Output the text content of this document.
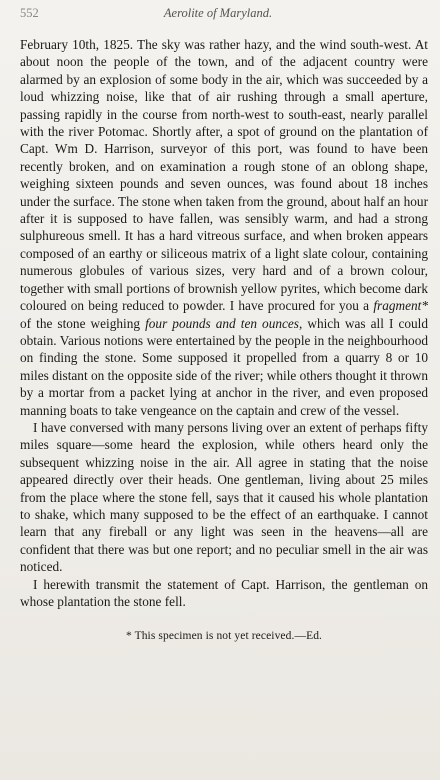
552	Aerolite of Maryland.

February 10th, 1825. The sky was rather hazy, and the wind south-west. At about noon the people of the town, and of the adjacent country were alarmed by an explosion of some body in the air, which was succeeded by a loud whizzing noise, like that of air rushing through a small aperture, passing rapidly in the course from north-west to south-east, nearly parallel with the river Potomac. Shortly after, a spot of ground on the plantation of Capt. Wm D. Harrison, surveyor of this port, was found to have been recently broken, and on examination a rough stone of an oblong shape, weighing sixteen pounds and seven ounces, was found about 18 inches under the surface. The stone when taken from the ground, about half an hour after it is supposed to have fallen, was sensibly warm, and had a strong sulphureous smell. It has a hard vitreous surface, and when broken appears composed of an earthy or siliceous matrix of a light slate colour, containing numerous globules of various sizes, very hard and of a brown colour, together with small portions of brownish yellow pyrites, which become dark coloured on being reduced to powder. I have procured for you a fragment* of the stone weighing four pounds and ten ounces, which was all I could obtain. Various notions were entertained by the people in the neighbourhood on finding the stone. Some supposed it propelled from a quarry 8 or 10 miles distant on the opposite side of the river; while others thought it thrown by a mortar from a packet lying at anchor in the river, and even proposed manning boats to take vengeance on the captain and crew of the vessel.

I have conversed with many persons living over an extent of perhaps fifty miles square—some heard the explosion, while others heard only the subsequent whizzing noise in the air. All agree in stating that the noise appeared directly over their heads. One gentleman, living about 25 miles from the place where the stone fell, says that it caused his whole plantation to shake, which many supposed to be the effect of an earthquake. I cannot learn that any fireball or any light was seen in the heavens—all are confident that there was but one report; and no peculiar smell in the air was noticed.

I herewith transmit the statement of Capt. Harrison, the gentleman on whose plantation the stone fell.

* This specimen is not yet received.—Ed.
